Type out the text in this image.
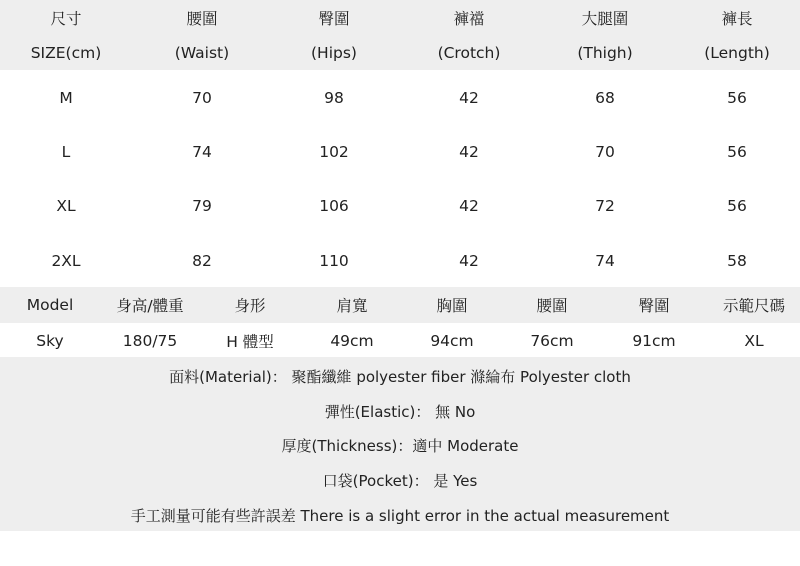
尺寸	腰圍	臀圍	褲襠	大腿圍	褲長
SIZE(cm)	(Waist)	(Hips)	(Crotch)	(Thigh)	(Length)
M	70	98	42	68	56
L	74	102	42	70	56
XL	79	106	42	72	56
2XL	82	110	42	74	58
Model	身高/體重	身形	肩寬	胸圍	腰圍	臀圍	示範尺碼
Sky	180/75	H 體型	49cm	94cm	76cm	91cm	XL
面料(Material)： 聚酯纖維 polyester fiber 滌綸布 Polyester cloth
彈性(Elastic)： 無 No
厚度(Thickness)：適中 Moderate
口袋(Pocket)： 是 Yes
手工測量可能有些許誤差 There is a slight error in the actual measurement
